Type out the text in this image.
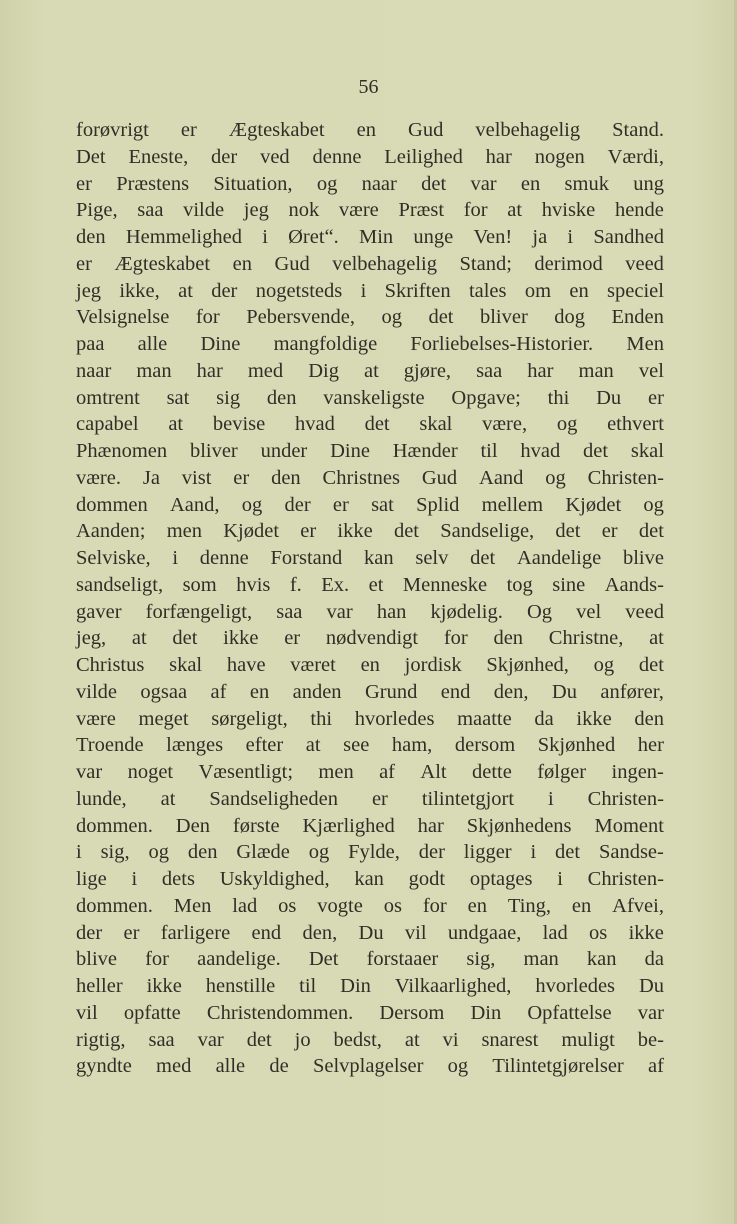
56
forøvrigt er Ægteskabet en Gud velbehagelig Stand.
Det Eneste, der ved denne Leilighed har nogen Værdi,
er Præstens Situation, og naar det var en smuk ung
Pige, saa vilde jeg nok være Præst for at hviske hende
den Hemmelighed i Øret“. Min unge Ven! ja i Sandhed
er Ægteskabet en Gud velbehagelig Stand; derimod veed
jeg ikke, at der nogetsteds i Skriften tales om en speciel
Velsignelse for Pebersvende, og det bliver dog Enden
paa alle Dine mangfoldige Forliebelses-Historier. Men
naar man har med Dig at gjøre, saa har man vel
omtrent sat sig den vanskeligste Opgave; thi Du er
capabel at bevise hvad det skal være, og ethvert
Phænomen bliver under Dine Hænder til hvad det skal
være. Ja vist er den Christnes Gud Aand og Christen-
dommen Aand, og der er sat Splid mellem Kjødet og
Aanden; men Kjødet er ikke det Sandselige, det er det
Selviske, i denne Forstand kan selv det Aandelige blive
sandseligt, som hvis f. Ex. et Menneske tog sine Aands-
gaver forfængeligt, saa var han kjødelig. Og vel veed
jeg, at det ikke er nødvendigt for den Christne, at
Christus skal have været en jordisk Skjønhed, og det
vilde ogsaa af en anden Grund end den, Du anfører,
være meget sørgeligt, thi hvorledes maatte da ikke den
Troende længes efter at see ham, dersom Skjønhed her
var noget Væsentligt; men af Alt dette følger ingen-
lunde, at Sandseligheden er tilintetgjort i Christen-
dommen. Den første Kjærlighed har Skjønhedens Moment
i sig, og den Glæde og Fylde, der ligger i det Sandse-
lige i dets Uskyldighed, kan godt optages i Christen-
dommen. Men lad os vogte os for en Ting, en Afvei,
der er farligere end den, Du vil undgaae, lad os ikke
blive for aandelige. Det forstaaer sig, man kan da
heller ikke henstille til Din Vilkaarlighed, hvorledes Du
vil opfatte Christendommen. Dersom Din Opfattelse var
rigtig, saa var det jo bedst, at vi snarest muligt be-
gyndte med alle de Selvplagelser og Tilintetgjørelser af
